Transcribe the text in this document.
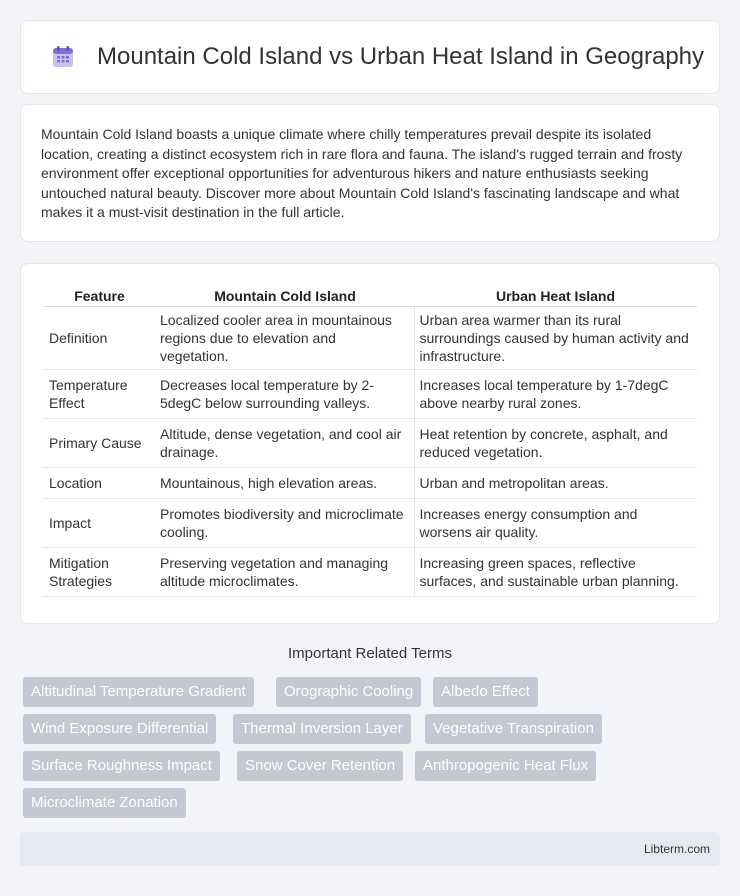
Mountain Cold Island vs Urban Heat Island in Geography

Mountain Cold Island boasts a unique climate where chilly temperatures prevail despite its isolated location, creating a distinct ecosystem rich in rare flora and fauna. The island's rugged terrain and frosty environment offer exceptional opportunities for adventurous hikers and nature enthusiasts seeking untouched natural beauty. Discover more about Mountain Cold Island's fascinating landscape and what makes it a must-visit destination in the full article.

Feature	Mountain Cold Island	Urban Heat Island
Definition	Localized cooler area in mountainous regions due to elevation and vegetation.	Urban area warmer than its rural surroundings caused by human activity and infrastructure.
Temperature Effect	Decreases local temperature by 2-5degC below surrounding valleys.	Increases local temperature by 1-7degC above nearby rural zones.
Primary Cause	Altitude, dense vegetation, and cool air drainage.	Heat retention by concrete, asphalt, and reduced vegetation.
Location	Mountainous, high elevation areas.	Urban and metropolitan areas.
Impact	Promotes biodiversity and microclimate cooling.	Increases energy consumption and worsens air quality.
Mitigation Strategies	Preserving vegetation and managing altitude microclimates.	Increasing green spaces, reflective surfaces, and sustainable urban planning.
Important Related Terms
Altitudinal Temperature Gradient	Orographic Cooling	Albedo Effect
Wind Exposure Differential	Thermal Inversion Layer	Vegetative Transpiration
Surface Roughness Impact	Snow Cover Retention	Anthropogenic Heat Flux
Microclimate Zonation
Libterm.com
